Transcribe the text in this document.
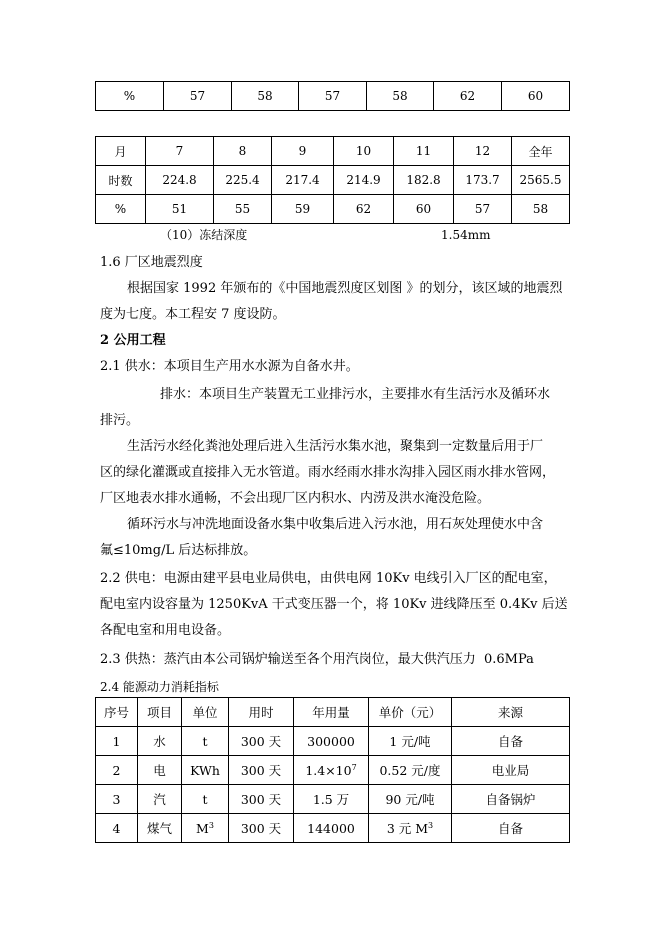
%	57	58	57	58	62	60
月	7	8	9	10	11	12	全年
时数	224.8	225.4	217.4	214.9	182.8	173.7	2565.5
%	51	55	59	62	60	57	58
（10）冻结深度	1.54mm
1.6 厂区地震烈度
根据国家 1992 年颁布的《中国地震烈度区划图 》的划分，该区域的地震烈
度为七度。本工程安 7 度设防。
2 公用工程
2.1 供水：本项目生产用水水源为自备水井。
排水：本项目生产装置无工业排污水，主要排水有生活污水及循环水
排污。
生活污水经化粪池处理后进入生活污水集水池，聚集到一定数量后用于厂
区的绿化灌溉或直接排入无水管道。雨水经雨水排水沟排入园区雨水排水管网，
厂区地表水排水通畅，不会出现厂区内积水、内涝及洪水淹没危险。
循环污水与冲洗地面设备水集中收集后进入污水池，用石灰处理使水中含
氟≤10mg/L 后达标排放。
2.2 供电：电源由建平县电业局供电，由供电网 10Kv 电线引入厂区的配电室，
配电室内设容量为 1250KvA 干式变压器一个，将 10Kv 进线降压至 0.4Kv 后送
各配电室和用电设备。
2.3 供热：蒸汽由本公司锅炉输送至各个用汽岗位，最大供汽压力 0.6MPa
2.4 能源动力消耗指标
序号	项目	单位	用时	年用量	单价（元）	来源
1	水	t	300 天	300000	1 元/吨	自备
2	电	KWh	300 天	$1.4\times 10^7$	0.52 元/度	电业局
3	汽	t	300 天	1.5 万	90 元/吨	自备锅炉
4	煤气	$M^3$	300 天	144000	3 元 $M^3$	自备
